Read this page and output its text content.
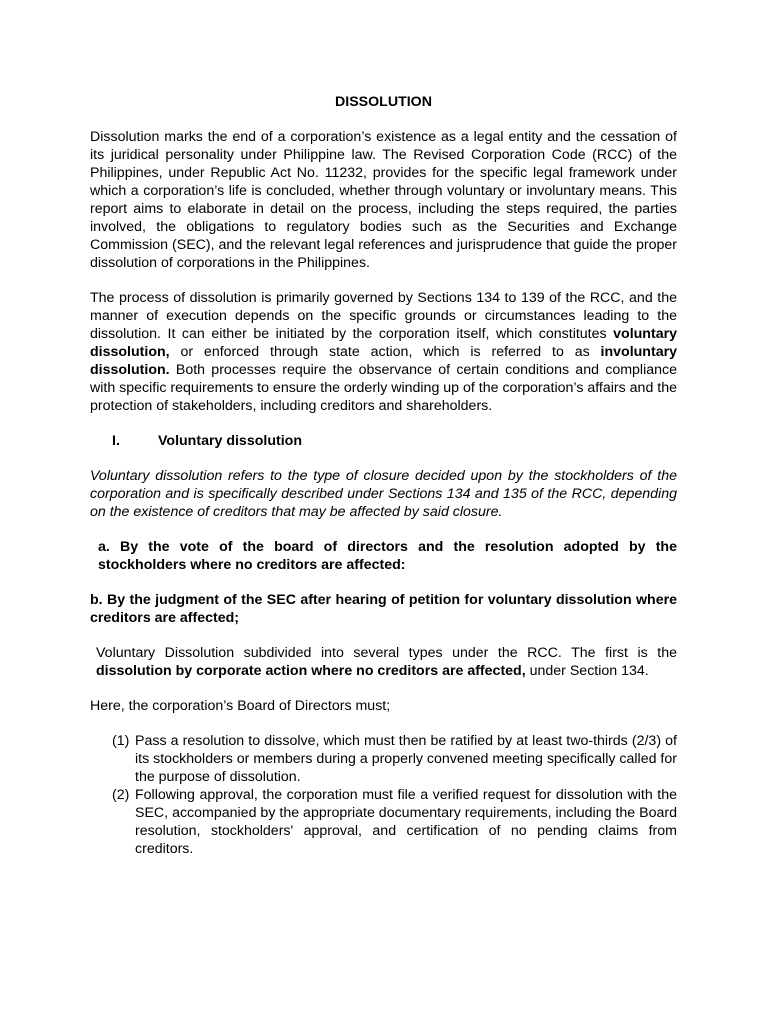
DISSOLUTION

Dissolution marks the end of a corporation’s existence as a legal entity and the cessation of its juridical personality under Philippine law. The Revised Corporation Code (RCC) of the Philippines, under Republic Act No. 11232, provides for the specific legal framework under which a corporation’s life is concluded, whether through voluntary or involuntary means. This report aims to elaborate in detail on the process, including the steps required, the parties involved, the obligations to regulatory bodies such as the Securities and Exchange Commission (SEC), and the relevant legal references and jurisprudence that guide the proper dissolution of corporations in the Philippines.

The process of dissolution is primarily governed by Sections 134 to 139 of the RCC, and the manner of execution depends on the specific grounds or circumstances leading to the dissolution. It can either be initiated by the corporation itself, which constitutes voluntary dissolution, or enforced through state action, which is referred to as involuntary dissolution. Both processes require the observance of certain conditions and compliance with specific requirements to ensure the orderly winding up of the corporation’s affairs and the protection of stakeholders, including creditors and shareholders.

I.	Voluntary dissolution

Voluntary dissolution refers to the type of closure decided upon by the stockholders of the corporation and is specifically described under Sections 134 and 135 of the RCC, depending on the existence of creditors that may be affected by said closure.

a. By the vote of the board of directors and the resolution adopted by the stockholders where no creditors are affected:

b. By the judgment of the SEC after hearing of petition for voluntary dissolution where creditors are affected;

Voluntary Dissolution subdivided into several types under the RCC. The first is the dissolution by corporate action where no creditors are affected, under Section 134.

Here, the corporation’s Board of Directors must;

(1) Pass a resolution to dissolve, which must then be ratified by at least two-thirds (2/3) of its stockholders or members during a properly convened meeting specifically called for the purpose of dissolution.
(2) Following approval, the corporation must file a verified request for dissolution with the SEC, accompanied by the appropriate documentary requirements, including the Board resolution, stockholders' approval, and certification of no pending claims from creditors.
